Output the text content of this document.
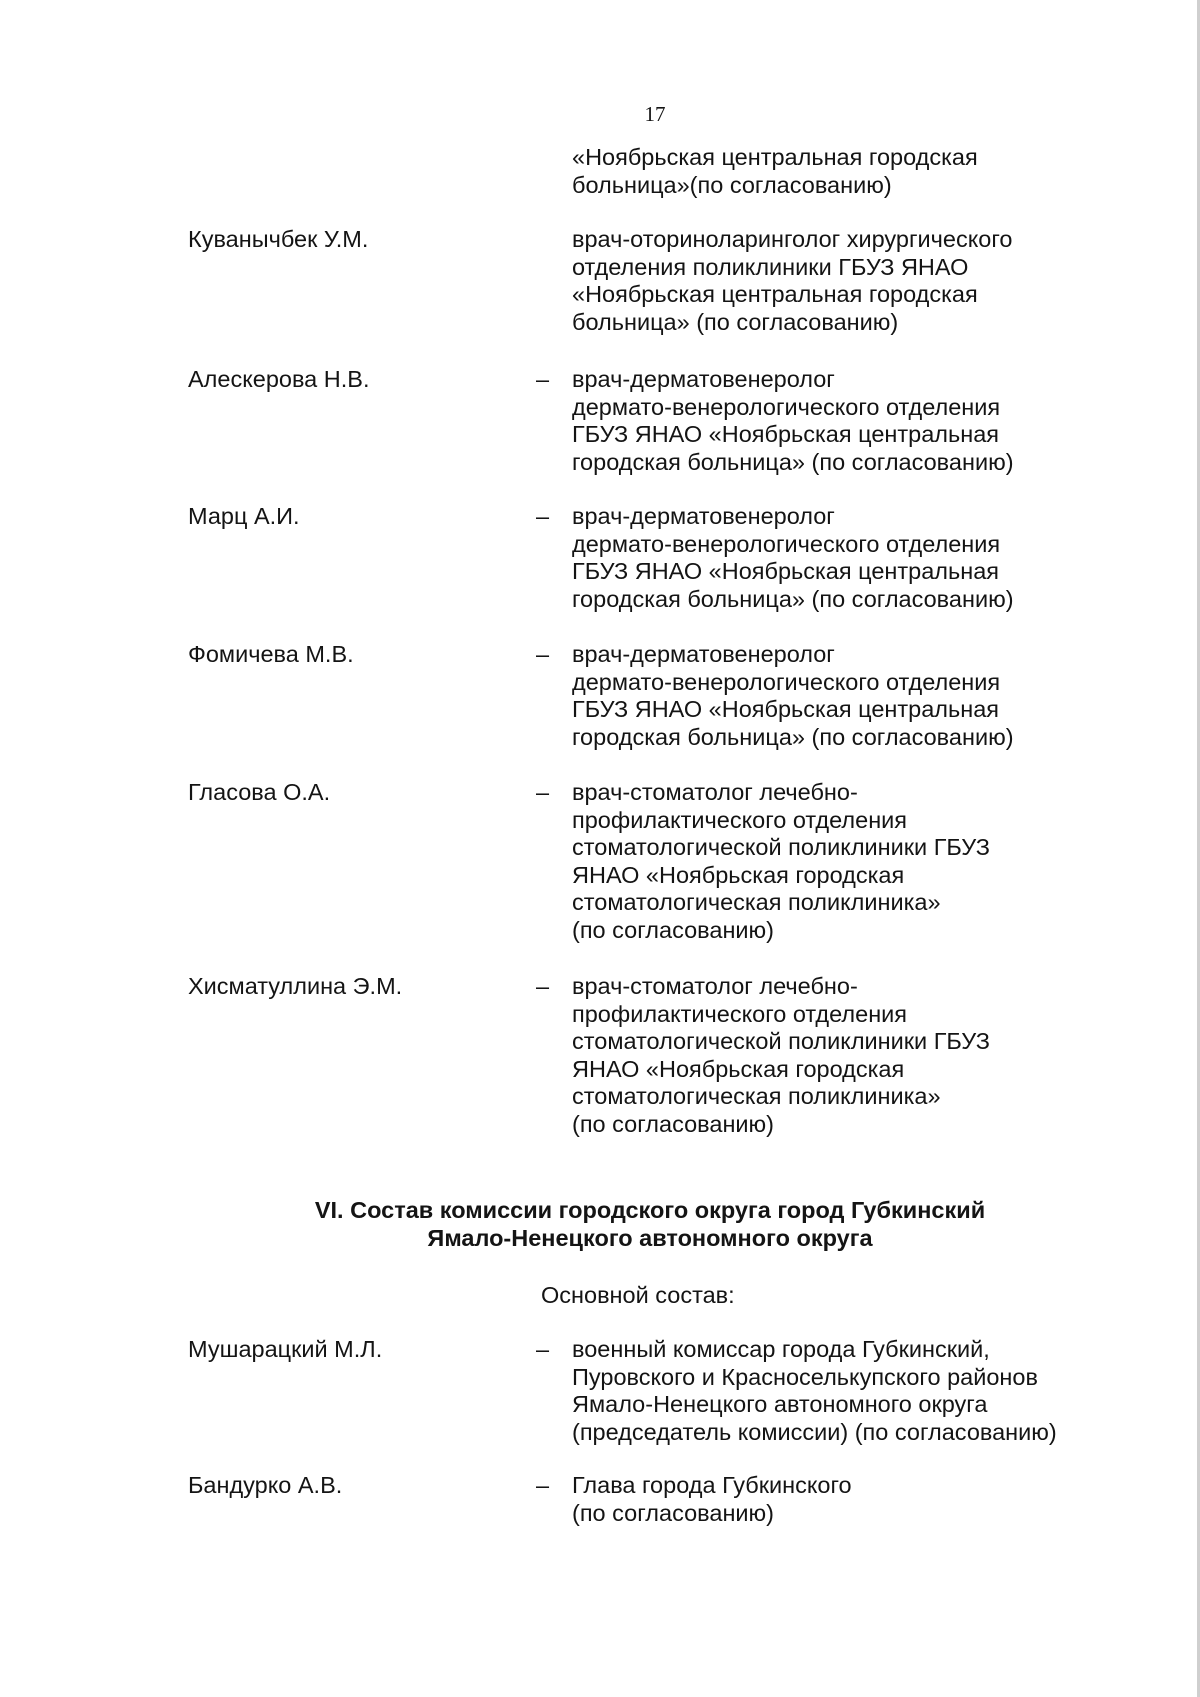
17
«Ноябрьская центральная городская
больница»(по согласованию)
Куванычбек У.М.	врач-оториноларинголог хирургического
отделения поликлиники ГБУЗ ЯНАО
«Ноябрьская центральная городская
больница» (по согласованию)
Алескерова Н.В.	– врач-дерматовенеролог
дермато-венерологического отделения
ГБУЗ ЯНАО «Ноябрьская центральная
городская больница» (по согласованию)
Марц А.И.	– врач-дерматовенеролог
дермато-венерологического отделения
ГБУЗ ЯНАО «Ноябрьская центральная
городская больница» (по согласованию)
Фомичева М.В.	– врач-дерматовенеролог
дермато-венерологического отделения
ГБУЗ ЯНАО «Ноябрьская центральная
городская больница» (по согласованию)
Гласова О.А.	– врач-стоматолог лечебно-
профилактического отделения
стоматологической поликлиники ГБУЗ
ЯНАО «Ноябрьская городская
стоматологическая поликлиника»
(по согласованию)
Хисматуллина Э.М.	– врач-стоматолог лечебно-
профилактического отделения
стоматологической поликлиники ГБУЗ
ЯНАО «Ноябрьская городская
стоматологическая поликлиника»
(по согласованию)
VI. Состав комиссии городского округа город Губкинский
Ямало-Ненецкого автономного округа
Основной состав:
Мушарацкий М.Л.	– военный комиссар города Губкинский,
Пуровского и Красноселькупского районов
Ямало-Ненецкого автономного округа
(председатель комиссии) (по согласованию)
Бандурко А.В.	– Глава города Губкинского
(по согласованию)
